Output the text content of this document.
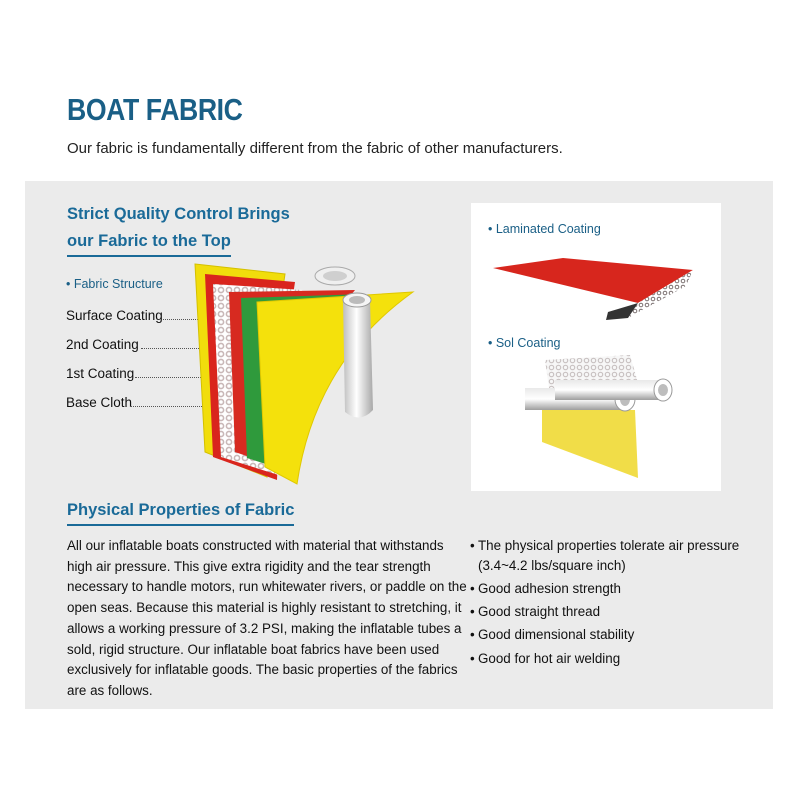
BOAT FABRIC
Our fabric is fundamentally different from the fabric of other manufacturers.
Strict Quality Control Brings
our Fabric to the Top
• Fabric Structure
Surface Coating
2nd Coating
1st Coating
Base Cloth
• Laminated Coating
• Sol Coating
Physical Properties of Fabric
All our inflatable boats constructed with material that withstands high air pressure. This give extra rigidity and the tear strength necessary to handle motors, run whitewater rivers, or paddle on the open seas. Because this material is highly resistant to stretching, it allows a working pressure of 3.2 PSI, making the inflatable tubes a sold, rigid structure. Our inflatable boat fabrics have been used exclusively for inflatable goods. The basic properties of the fabrics are as follows.
• The physical properties tolerate air pressure
(3.4~4.2 lbs/square inch)
• Good adhesion strength
• Good straight thread
• Good dimensional stability
• Good for hot air welding
